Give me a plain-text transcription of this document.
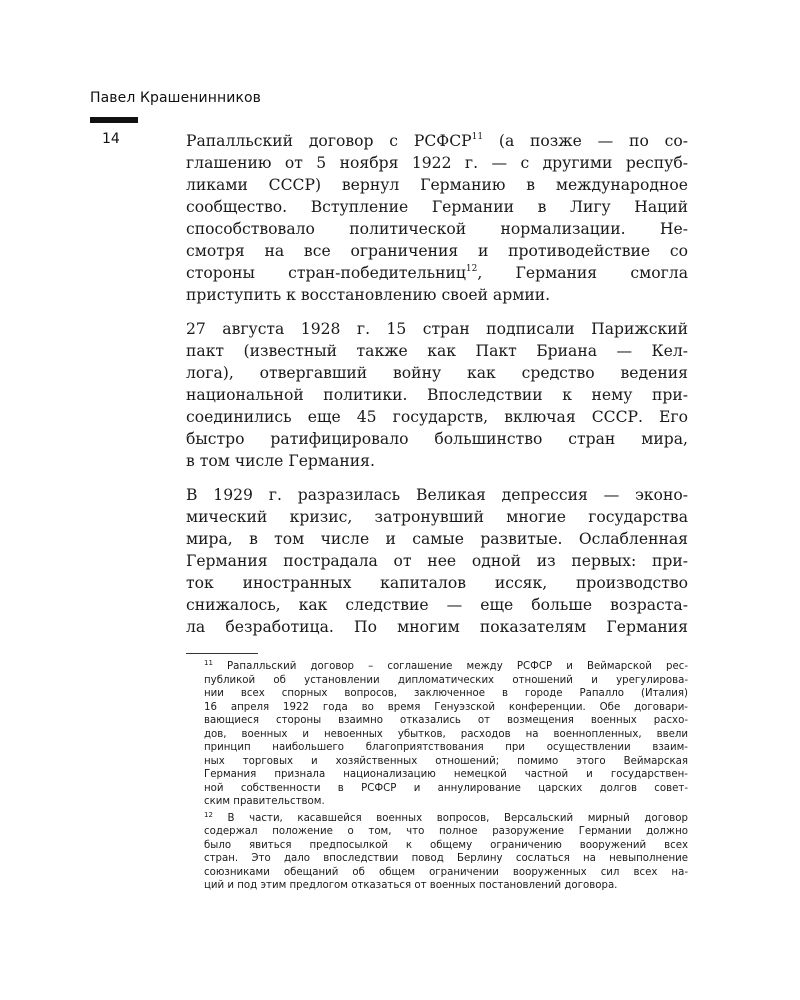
Павел Крашенинников
14	Рапалльский договор с РСФСР$^{11}$ (а позже — по со-
глашению от 5 ноября 1922 г. — с другими респуб-
ликами СССР) вернул Германию в международное
сообщество. Вступление Германии в Лигу Наций
способствовало политической нормализации. Не-
смотря на все ограничения и противодействие со
стороны стран-победительниц$^{12}$, Германия смогла
приступить к восстановлению своей армии.
27 августа 1928 г. 15 стран подписали Парижский
пакт (известный также как Пакт Бриана — Кел-
лога), отвергавший войну как средство ведения
национальной политики. Впоследствии к нему при-
соединились еще 45 государств, включая СССР. Его
быстро ратифицировало большинство стран мира,
в том числе Германия.
В 1929 г. разразилась Великая депрессия — эконо-
мический кризис, затронувший многие государства
мира, в том числе и самые развитые. Ослабленная
Германия пострадала от нее одной из первых: при-
ток иностранных капиталов иссяк, производство
снижалось, как следствие — еще больше возраста-
ла безработица. По многим показателям Германия
$^{11}$ Рапалльский договор – соглашение между РСФСР и Веймарской рес-
публикой об установлении дипломатических отношений и урегулирова-
нии всех спорных вопросов, заключенное в городе Рапалло (Италия)
16 апреля 1922 года во время Генуэзской конференции. Обе договари-
вающиеся стороны взаимно отказались от возмещения военных расхо-
дов, военных и невоенных убытков, расходов на военнопленных, ввели
принцип наибольшего благоприятствования при осуществлении взаим-
ных торговых и хозяйственных отношений; помимо этого Веймарская
Германия признала национализацию немецкой частной и государствен-
ной собственности в РСФСР и аннулирование царских долгов совет-
ским правительством.
$^{12}$ В части, касавшейся военных вопросов, Версальский мирный договор
содержал положение о том, что полное разоружение Германии должно
было явиться предпосылкой к общему ограничению вооружений всех
стран. Это дало впоследствии повод Берлину сослаться на невыполнение
союзниками обещаний об общем ограничении вооруженных сил всех на-
ций и под этим предлогом отказаться от военных постановлений договора.
